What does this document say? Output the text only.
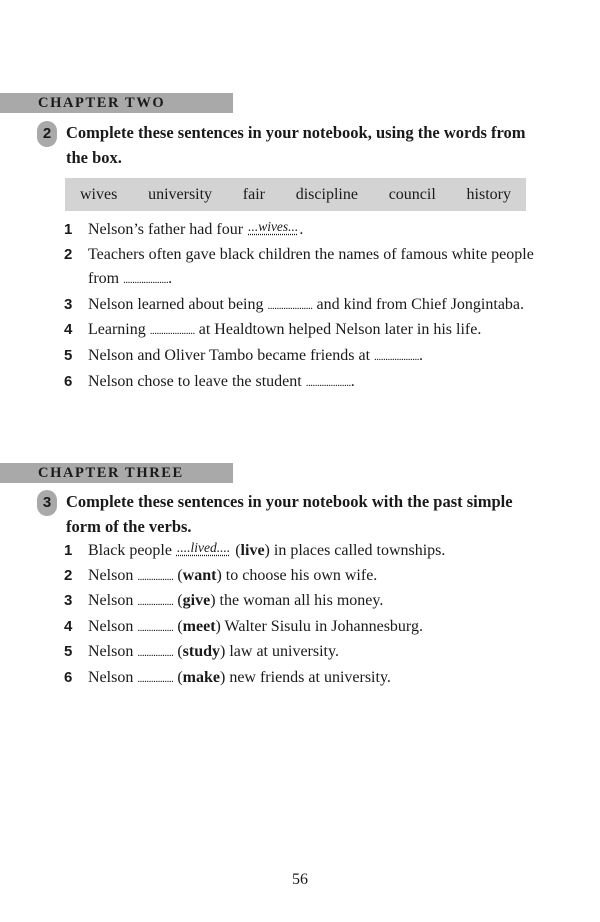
CHAPTER TWO
2 Complete these sentences in your notebook, using the words from the box.
wives university fair discipline council history
1 Nelson’s father had four ...wives....
2 Teachers often gave black children the names of famous white people from .....................
3 Nelson learned about being .................... and kind from Chief Jongintaba.
4 Learning .................... at Healdtown helped Nelson later in his life.
5 Nelson and Oliver Tambo became friends at .....................
6 Nelson chose to leave the student .....................
CHAPTER THREE
3 Complete these sentences in your notebook with the past simple form of the verbs.
1 Black people ....lived.... (live) in places called townships.
2 Nelson ................ (want) to choose his own wife.
3 Nelson ................ (give) the woman all his money.
4 Nelson ................ (meet) Walter Sisulu in Johannesburg.
5 Nelson ................ (study) law at university.
6 Nelson ................ (make) new friends at university.
56
